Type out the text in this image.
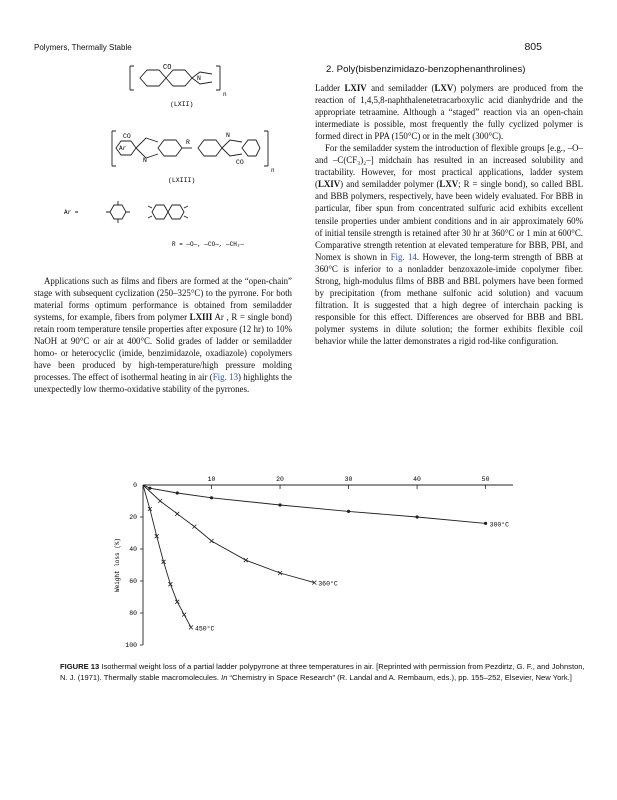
Polymers, Thermally Stable	805
CO
N
n
(LXII)
Ar
CO
N
R
N
CO
n
(LXIII)
Ar =
R = —O—, —CO—, —CH₂—

Applications such as films and fibers are formed at the “open-chain” stage with subsequent cyclization (250–325°C) to the pyrrone. For both material forms optimum performance is obtained from semiladder systems, for example, fibers from polymer LXIII Ar , R = single bond) retain room temperature tensile properties after exposure (12 hr) to 10% NaOH at 90°C or air at 400°C. Solid grades of ladder or semiladder homo- or heterocyclic (imide, benzimidazole, oxadiazole) copolymers have been produced by high-temperature/high pressure molding processes. The effect of isothermal heating in air (Fig. 13) highlights the unexpectedly low thermo-oxidative stability of the pyrrones.

2. Poly(bisbenzimidazo-benzophenanthrolines)

Ladder LXIV and semiladder (LXV) polymers are produced from the reaction of 1,4,5,8-naphthalenetetracarboxylic acid dianhydride and the appropriate tetraamine. Although a “staged” reaction via an open-chain intermediate is possible, most frequently the fully cyclized polymer is formed direct in PPA (150°C) or in the melt (300°C).

For the semiladder system the introduction of flexible groups [e.g., –O– and –C(CF₃)₂–] midchain has resulted in an increased solubility and tractability. However, for most practical applications, ladder system (LXIV) and semiladder polymer (LXV; R = single bond), so called BBL and BBB polymers, respectively, have been widely evaluated. For BBB in particular, fiber spun from concentrated sulfuric acid exhibits excellent tensile properties under ambient conditions and in air approximately 60% of initial tensile strength is retained after 30 hr at 360°C or 1 min at 600°C. Comparative strength retention at elevated temperature for BBB, PBI, and Nomex is shown in Fig. 14. However, the long-term strength of BBB at 360°C is inferior to a nonladder benzoxazole-imide copolymer fiber. Strong, high-modulus films of BBB and BBL polymers have been formed by precipitation (from methane sulfonic acid solution) and vacuum filtration. It is suggested that a high degree of interchain packing is responsible for this effect. Differences are observed for BBB and BBL polymer systems in dilute solution; the former exhibits flexible coil behavior while the latter demonstrates a rigid rod-like configuration.

10	20	30	40	50
0
20
40
60
80
100
Weight loss (%)
300°C
360°C
450°C
FIGURE 13 Isothermal weight loss of a partial ladder polypyrrone at three temperatures in air. [Reprinted with permission from Pezdirtz, G. F., and Johnston, N. J. (1971). Thermally stable macromolecules. In “Chemistry in Space Research” (R. Landal and A. Rembaum, eds.), pp. 155–252, Elsevier, New York.]
